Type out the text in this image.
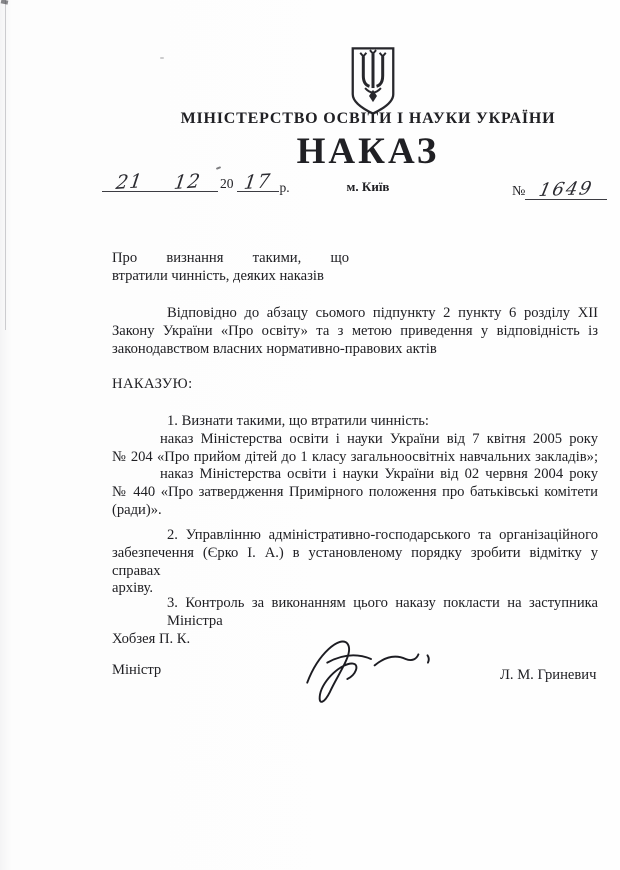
МІНІСТЕРСТВО ОСВІТИ І НАУКИ УКРАЇНИ
НАКАЗ
м. Київ
21	12	20 17 р.	№ 1649
Про визнання такими, що
втратили чинність, деяких наказів
Відповідно до абзацу сьомого підпункту 2 пункту 6 розділу XII
Закону України «Про освіту» та з метою приведення у відповідність із
законодавством власних нормативно-правових актів
НАКАЗУЮ:
1. Визнати такими, що втратили чинність:
наказ Міністерства освіти і науки України від 7 квітня 2005 року
№ 204 «Про прийом дітей до 1 класу загальноосвітніх навчальних закладів»;
наказ Міністерства освіти і науки України від 02 червня 2004 року
№ 440 «Про затвердження Примірного положення про батьківські комітети
(ради)».
2. Управлінню адміністративно-господарського та організаційного
забезпечення (Єрко І. А.) в установленому порядку зробити відмітку у справах
архіву.
3. Контроль за виконанням цього наказу покласти на заступника Міністра
Хобзея П. К.
Міністр	Л. М. Гриневич
